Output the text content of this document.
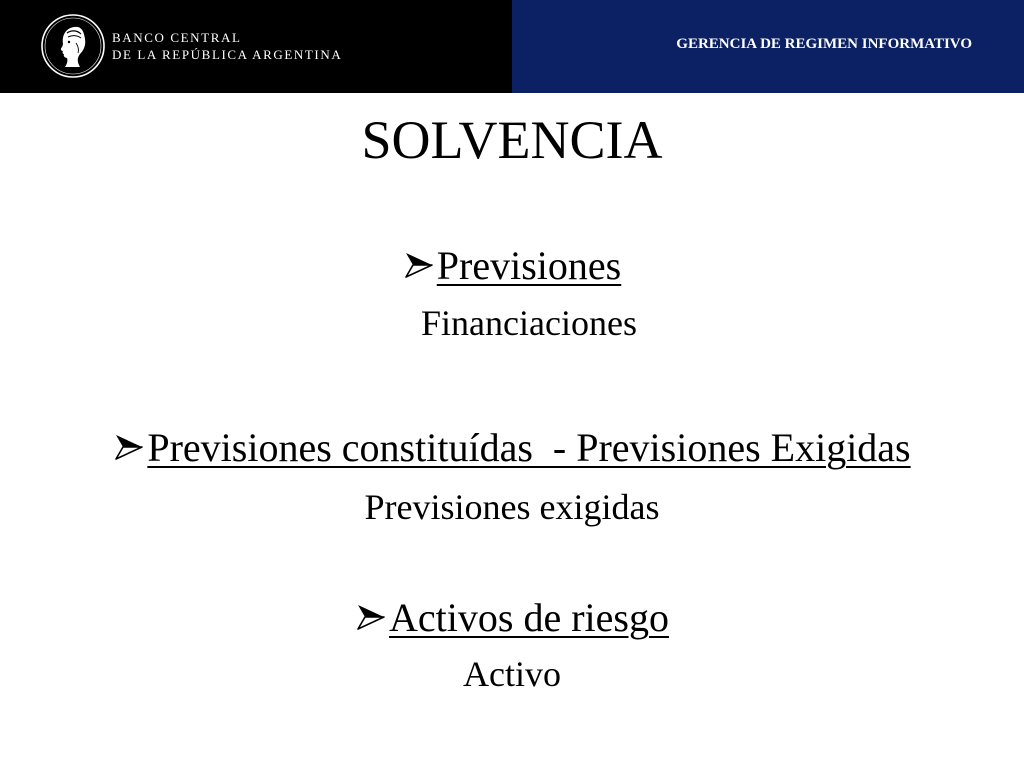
BANCO CENTRAL
DE LA REPÚBLICA ARGENTINA
GERENCIA DE REGIMEN INFORMATIVO
SOLVENCIA
Previsiones
Financiaciones
Previsiones constituídas  - Previsiones Exigidas
Previsiones exigidas
Activos de riesgo
Activo
